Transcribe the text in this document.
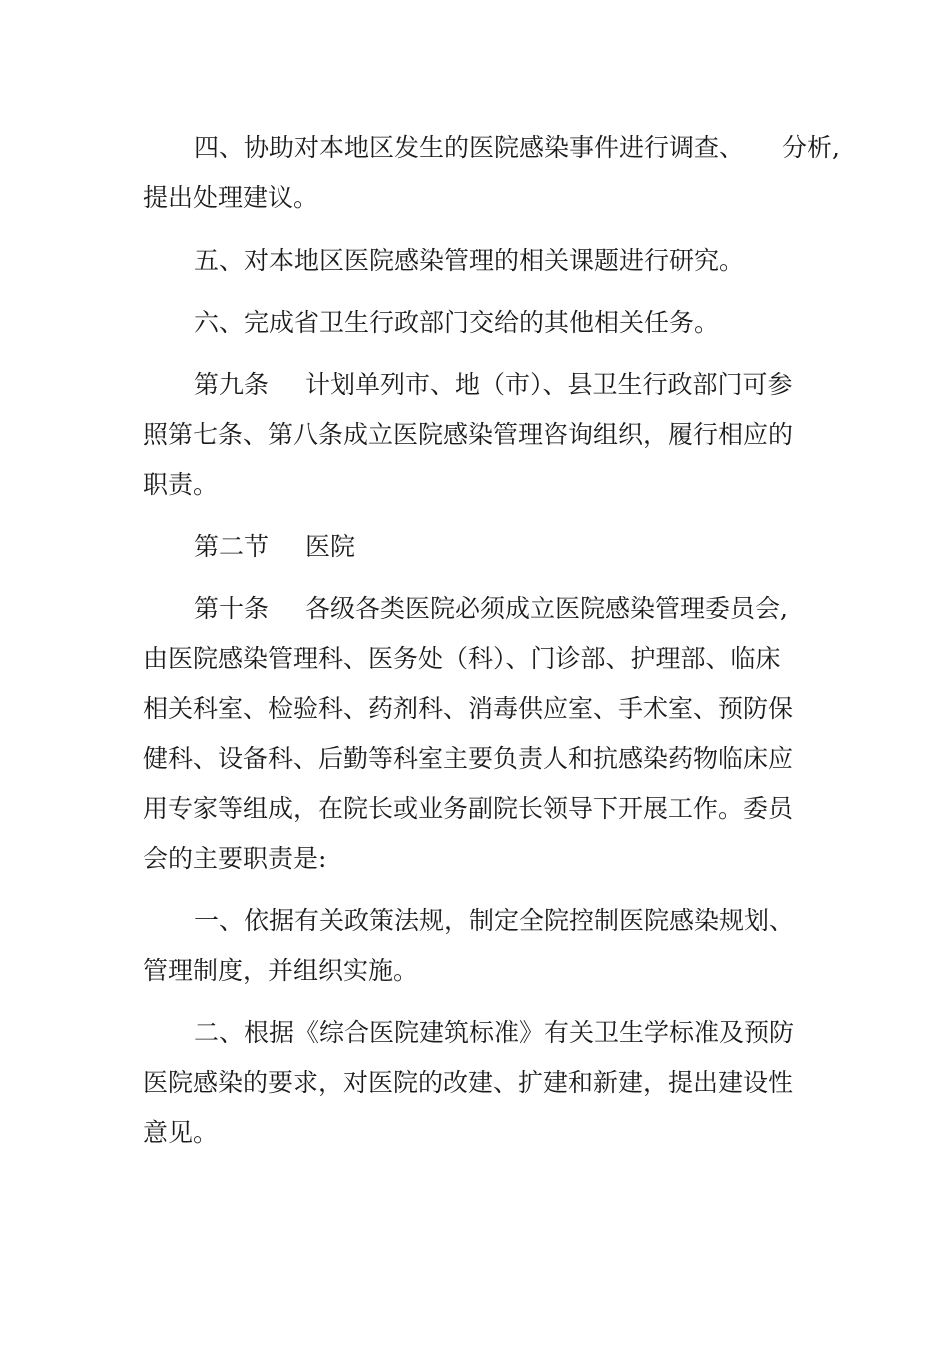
四、协助对本地区发生的医院感染事件进行调查、 分析,
提出处理建议。
五、对本地区医院感染管理的相关课题进行研究。
六、完成省卫生行政部门交给的其他相关任务。
第九条 计划单列市、地（市）、县卫生行政部门可参
照第七条、第八条成立医院感染管理咨询组织，履行相应的
职责。
第二节 医院
第十条 各级各类医院必须成立医院感染管理委员会,
由医院感染管理科、医务处（科）、门诊部、护理部、临床
相关科室、检验科、药剂科、消毒供应室、手术室、预防保
健科、设备科、后勤等科室主要负责人和抗感染药物临床应
用专家等组成，在院长或业务副院长领导下开展工作。委员
会的主要职责是:
一、依据有关政策法规，制定全院控制医院感染规划、
管理制度，并组织实施。
二、根据《综合医院建筑标准》有关卫生学标准及预防
医院感染的要求，对医院的改建、扩建和新建，提出建设性
意见。
